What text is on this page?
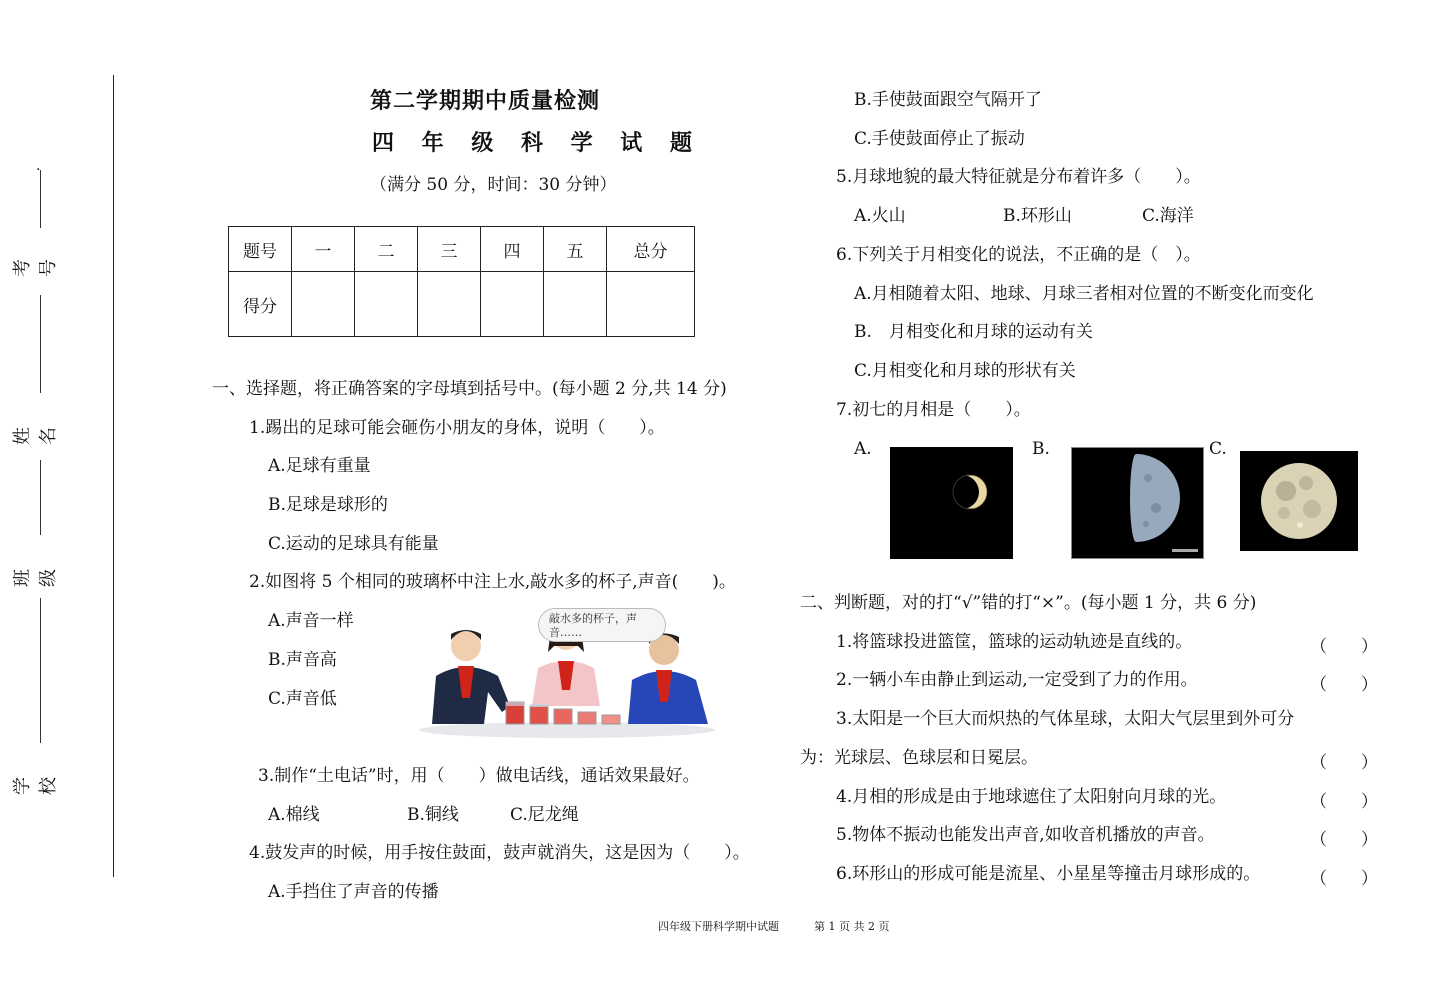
.
考号
姓名
班级
学校
第二学期期中质量检测
四 年 级 科 学 试 题
（满分 50 分，时间：30 分钟）
题号	一	二	三	四	五	总分
得分						
一、选择题，将正确答案的字母填到括号中。(每小题 2 分,共 14 分)
1.踢出的足球可能会砸伤小朋友的身体，说明（　　）。
A.足球有重量
B.足球是球形的
C.运动的足球具有能量
2.如图将 5 个相同的玻璃杯中注上水,敲水多的杯子,声音(　　)。
A.声音一样
B.声音高
C.声音低
敲水多的杯子，声音……
3.制作“土电话”时，用（　　）做电话线，通话效果最好。
A.棉线	B.铜线	C.尼龙绳
4.鼓发声的时候，用手按住鼓面，鼓声就消失，这是因为（　　）。
A.手挡住了声音的传播
B.手使鼓面跟空气隔开了
C.手使鼓面停止了振动
5.月球地貌的最大特征就是分布着许多（　　）。
A.火山	B.环形山	C.海洋
6.下列关于月相变化的说法，不正确的是（　）。
A.月相随着太阳、地球、月球三者相对位置的不断变化而变化
B.　月相变化和月球的运动有关
C.月相变化和月球的形状有关
7.初七的月相是（　　）。
A.	B.	C.
二、判断题，对的打“√”错的打“×”。(每小题 1 分，共 6 分)
1.将篮球投进篮筐，篮球的运动轨迹是直线的。	（　　）
2.一辆小车由静止到运动,一定受到了力的作用。	（　　）
3.太阳是一个巨大而炽热的气体星球，太阳大气层里到外可分
为：光球层、色球层和日冕层。	（　　）
4.月相的形成是由于地球遮住了太阳射向月球的光。	（　　）
5.物体不振动也能发出声音,如收音机播放的声音。	（　　）
6.环形山的形成可能是流星、小星星等撞击月球形成的。	（　　）
四年级下册科学期中试题	第 1 页 共 2 页
